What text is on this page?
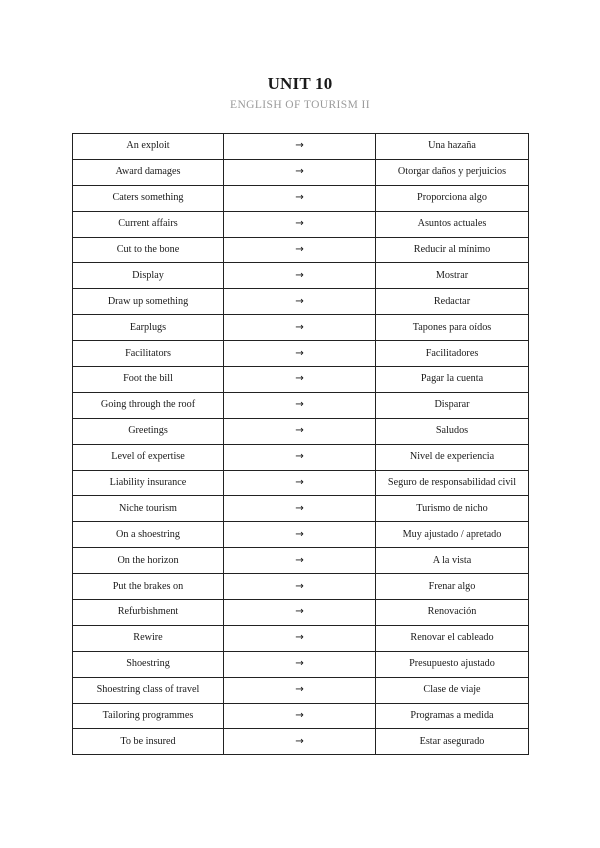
UNIT 10
ENGLISH OF TOURISM II
An exploit	→	Una hazaña
Award damages	→	Otorgar daños y perjuicios
Caters something	→	Proporciona algo
Current affairs	→	Asuntos actuales
Cut to the bone	→	Reducir al mínimo
Display	→	Mostrar
Draw up something	→	Redactar
Earplugs	→	Tapones para oídos
Facilitators	→	Facilitadores
Foot the bill	→	Pagar la cuenta
Going through the roof	→	Disparar
Greetings	→	Saludos
Level of expertise	→	Nivel de experiencia
Liability insurance	→	Seguro de responsabilidad civil
Niche tourism	→	Turismo de nicho
On a shoestring	→	Muy ajustado / apretado
On the horizon	→	A la vista
Put the brakes on	→	Frenar algo
Refurbishment	→	Renovación
Rewire	→	Renovar el cableado
Shoestring	→	Presupuesto ajustado
Shoestring class of travel	→	Clase de viaje
Tailoring programmes	→	Programas a medida
To be insured	→	Estar asegurado
